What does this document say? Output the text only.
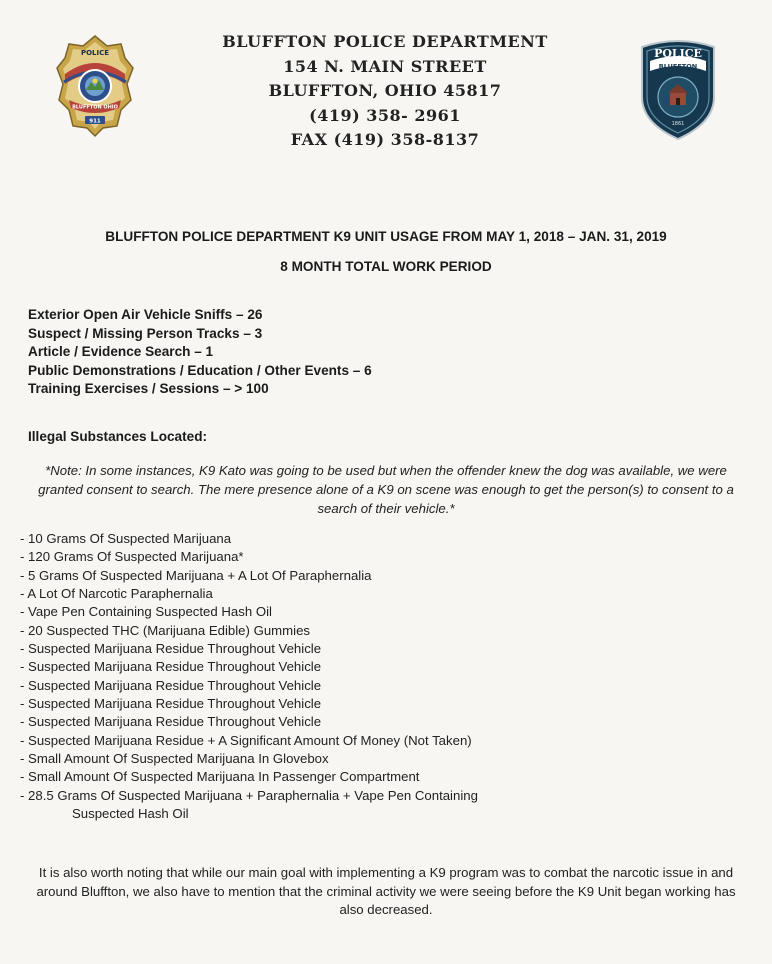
POLICE
BLUFFTON OHIO
911
BLUFFTON POLICE DEPARTMENT
154 N. MAIN STREET
BLUFFTON, OHIO 45817
(419) 358- 2961
FAX (419) 358-8137
POLICE
BLUFFTON
1861
BLUFFTON POLICE DEPARTMENT K9 UNIT USAGE FROM MAY 1, 2018 – JAN. 31, 2019
8 MONTH TOTAL WORK PERIOD
Exterior Open Air Vehicle Sniffs – 26
Suspect / Missing Person Tracks – 3
Article / Evidence Search – 1
Public Demonstrations / Education / Other Events – 6
Training Exercises / Sessions – > 100
Illegal Substances Located:
*Note: In some instances, K9 Kato was going to be used but when the offender knew the dog was available, we were granted consent to search. The mere presence alone of a K9 on scene was enough to get the person(s) to consent to a search of their vehicle.*
- 10 Grams Of Suspected Marijuana
- 120 Grams Of Suspected Marijuana*
- 5 Grams Of Suspected Marijuana + A Lot Of Paraphernalia
- A Lot Of Narcotic Paraphernalia
- Vape Pen Containing Suspected Hash Oil
- 20 Suspected THC (Marijuana Edible) Gummies
- Suspected Marijuana Residue Throughout Vehicle
- Suspected Marijuana Residue Throughout Vehicle
- Suspected Marijuana Residue Throughout Vehicle
- Suspected Marijuana Residue Throughout Vehicle
- Suspected Marijuana Residue Throughout Vehicle
- Suspected Marijuana Residue + A Significant Amount Of Money (Not Taken)
- Small Amount Of Suspected Marijuana In Glovebox
- Small Amount Of Suspected Marijuana In Passenger Compartment
- 28.5 Grams Of Suspected Marijuana + Paraphernalia + Vape Pen Containing
Suspected Hash Oil
It is also worth noting that while our main goal with implementing a K9 program was to combat the narcotic issue in and around Bluffton, we also have to mention that the criminal activity we were seeing before the K9 Unit began working has also decreased.
